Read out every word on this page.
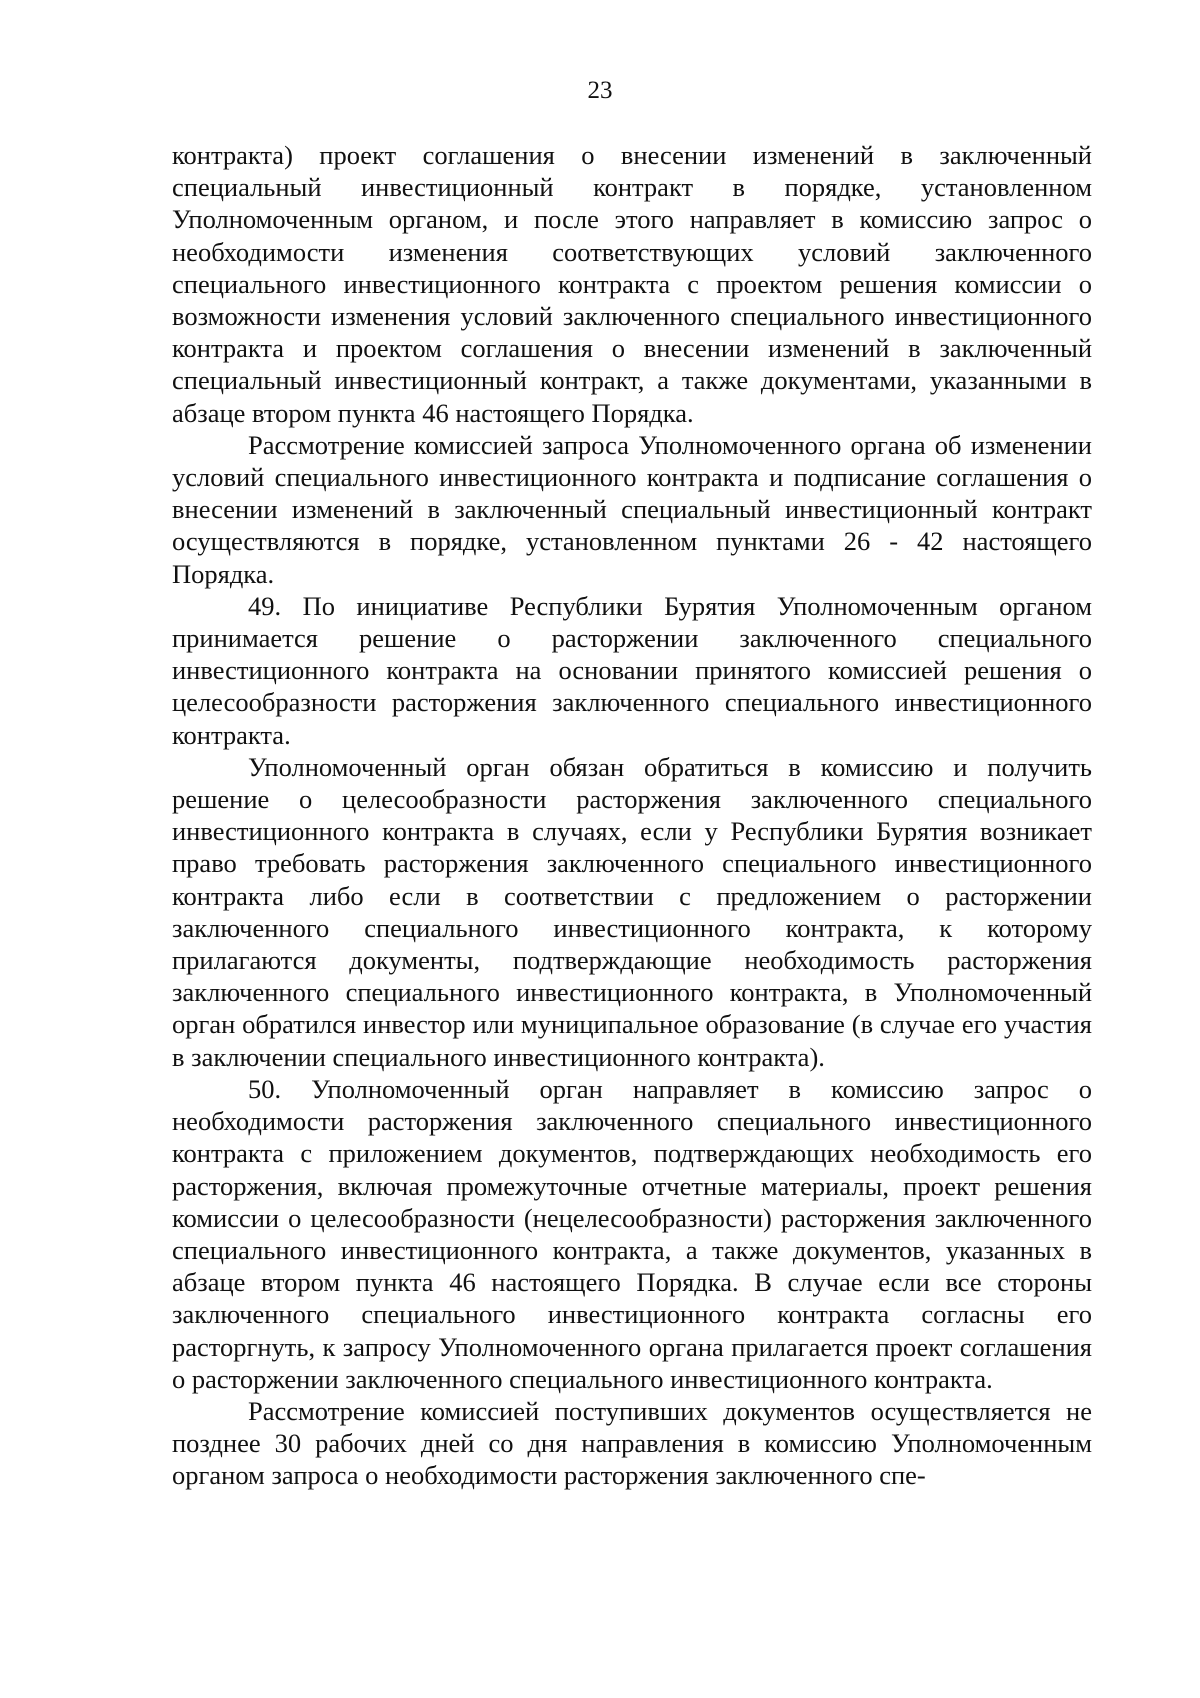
23

контракта) проект соглашения о внесении изменений в заключенный специальный инвестиционный контракт в порядке, установленном Уполномоченным органом, и после этого направляет в комиссию запрос о необходимости изменения соответствующих условий заключенного специального инвестиционного контракта с проектом решения комиссии о возможности изменения условий заключенного специального инвестиционного контракта и проектом соглашения о внесении изменений в заключенный специальный инвестиционный контракт, а также документами, указанными в абзаце втором пункта 46 настоящего Порядка.

Рассмотрение комиссией запроса Уполномоченного органа об изменении условий специального инвестиционного контракта и подписание соглашения о внесении изменений в заключенный специальный инвестиционный контракт осуществляются в порядке, установленном пунктами 26 - 42 настоящего Порядка.

49. По инициативе Республики Бурятия Уполномоченным органом принимается решение о расторжении заключенного специального инвестиционного контракта на основании принятого комиссией решения о целесообразности расторжения заключенного специального инвестиционного контракта.

Уполномоченный орган обязан обратиться в комиссию и получить решение о целесообразности расторжения заключенного специального инвестиционного контракта в случаях, если у Республики Бурятия возникает право требовать расторжения заключенного специального инвестиционного контракта либо если в соответствии с предложением о расторжении заключенного специального инвестиционного контракта, к которому прилагаются документы, подтверждающие необходимость расторжения заключенного специального инвестиционного контракта, в Уполномоченный орган обратился инвестор или муниципальное образование (в случае его участия в заключении специального инвестиционного контракта).

50. Уполномоченный орган направляет в комиссию запрос о необходимости расторжения заключенного специального инвестиционного контракта с приложением документов, подтверждающих необходимость его расторжения, включая промежуточные отчетные материалы, проект решения комиссии о целесообразности (нецелесообразности) расторжения заключенного специального инвестиционного контракта, а также документов, указанных в абзаце втором пункта 46 настоящего Порядка. В случае если все стороны заключенного специального инвестиционного контракта согласны его расторгнуть, к запросу Уполномоченного органа прилагается проект соглашения о расторжении заключенного специального инвестиционного контракта.

Рассмотрение комиссией поступивших документов осуществляется не позднее 30 рабочих дней со дня направления в комиссию Уполномоченным органом запроса о необходимости расторжения заключенного спе-
